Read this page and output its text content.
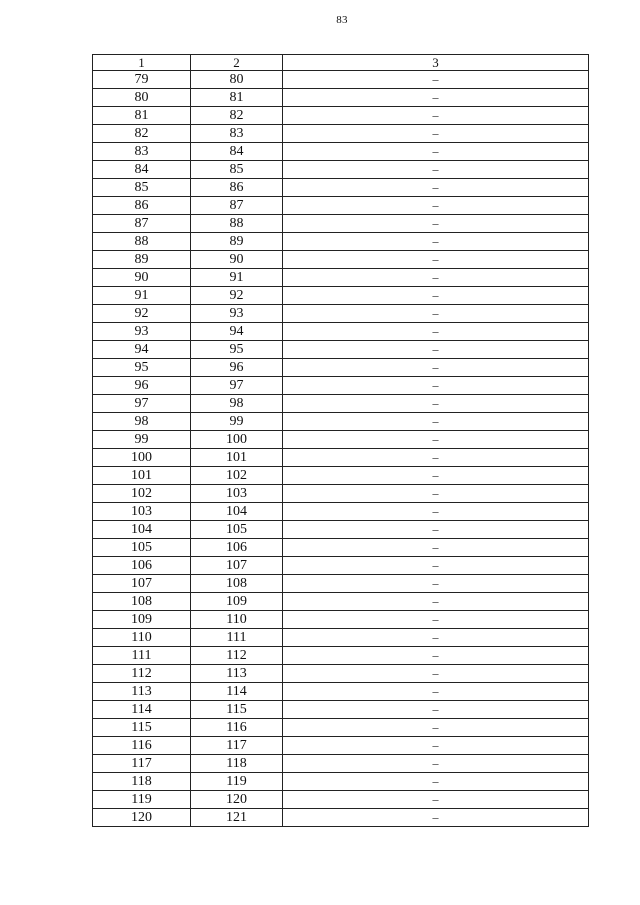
83
1	2	3
79	80	–
80	81	–
81	82	–
82	83	–
83	84	–
84	85	–
85	86	–
86	87	–
87	88	–
88	89	–
89	90	–
90	91	–
91	92	–
92	93	–
93	94	–
94	95	–
95	96	–
96	97	–
97	98	–
98	99	–
99	100	–
100	101	–
101	102	–
102	103	–
103	104	–
104	105	–
105	106	–
106	107	–
107	108	–
108	109	–
109	110	–
110	111	–
111	112	–
112	113	–
113	114	–
114	115	–
115	116	–
116	117	–
117	118	–
118	119	–
119	120	–
120	121	–
